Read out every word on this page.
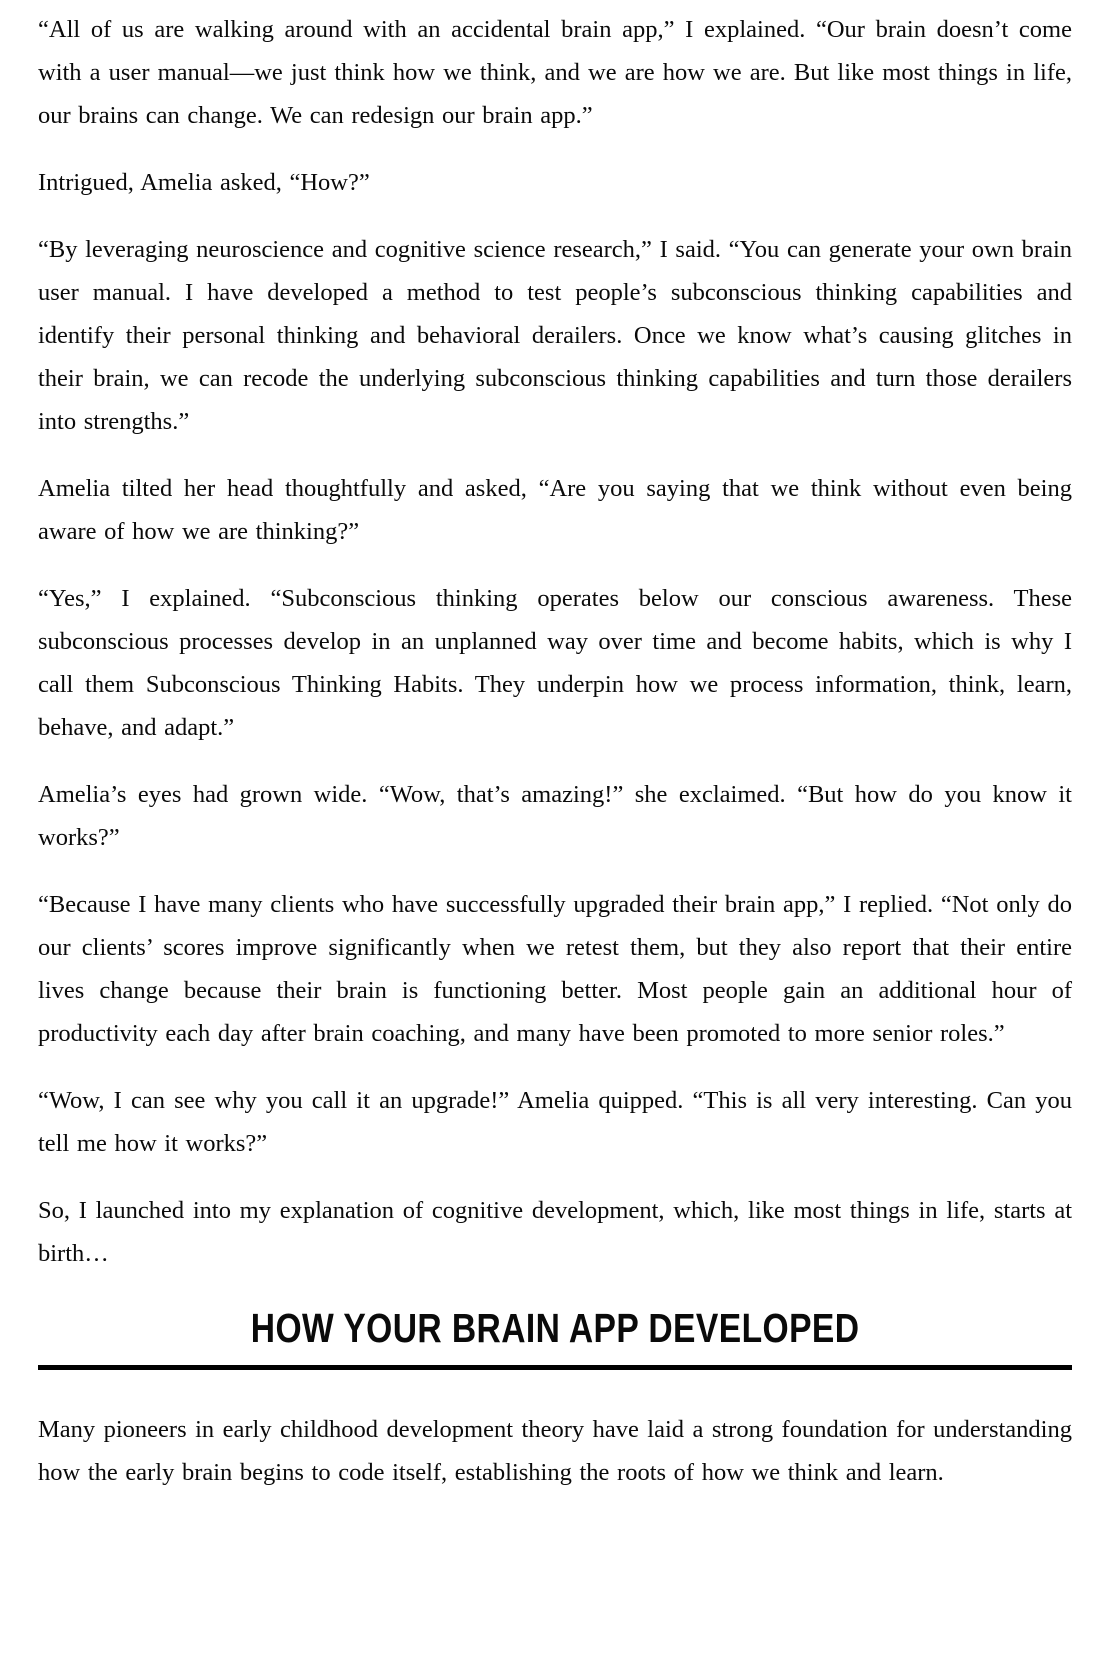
“All of us are walking around with an accidental brain app,” I explained. “Our brain doesn’t come with a user manual—we just think how we think, and we are how we are. But like most things in life, our brains can change. We can redesign our brain app.”

Intrigued, Amelia asked, “How?”

“By leveraging neuroscience and cognitive science research,” I said. “You can generate your own brain user manual. I have developed a method to test people’s subconscious thinking capabilities and identify their personal thinking and behavioral derailers. Once we know what’s causing glitches in their brain, we can recode the underlying subconscious thinking capabilities and turn those derailers into strengths.”

Amelia tilted her head thoughtfully and asked, “Are you saying that we think without even being aware of how we are thinking?”

“Yes,” I explained. “Subconscious thinking operates below our conscious awareness. These subconscious processes develop in an unplanned way over time and become habits, which is why I call them Subconscious Thinking Habits. They underpin how we process information, think, learn, behave, and adapt.”

Amelia’s eyes had grown wide. “Wow, that’s amazing!” she exclaimed. “But how do you know it works?”

“Because I have many clients who have successfully upgraded their brain app,” I replied. “Not only do our clients’ scores improve significantly when we retest them, but they also report that their entire lives change because their brain is functioning better. Most people gain an additional hour of productivity each day after brain coaching, and many have been promoted to more senior roles.”

“Wow, I can see why you call it an upgrade!” Amelia quipped. “This is all very interesting. Can you tell me how it works?”

So, I launched into my explanation of cognitive development, which, like most things in life, starts at birth…

HOW YOUR BRAIN APP DEVELOPED

Many pioneers in early childhood development theory have laid a strong foundation for understanding how the early brain begins to code itself, establishing the roots of how we think and learn.
